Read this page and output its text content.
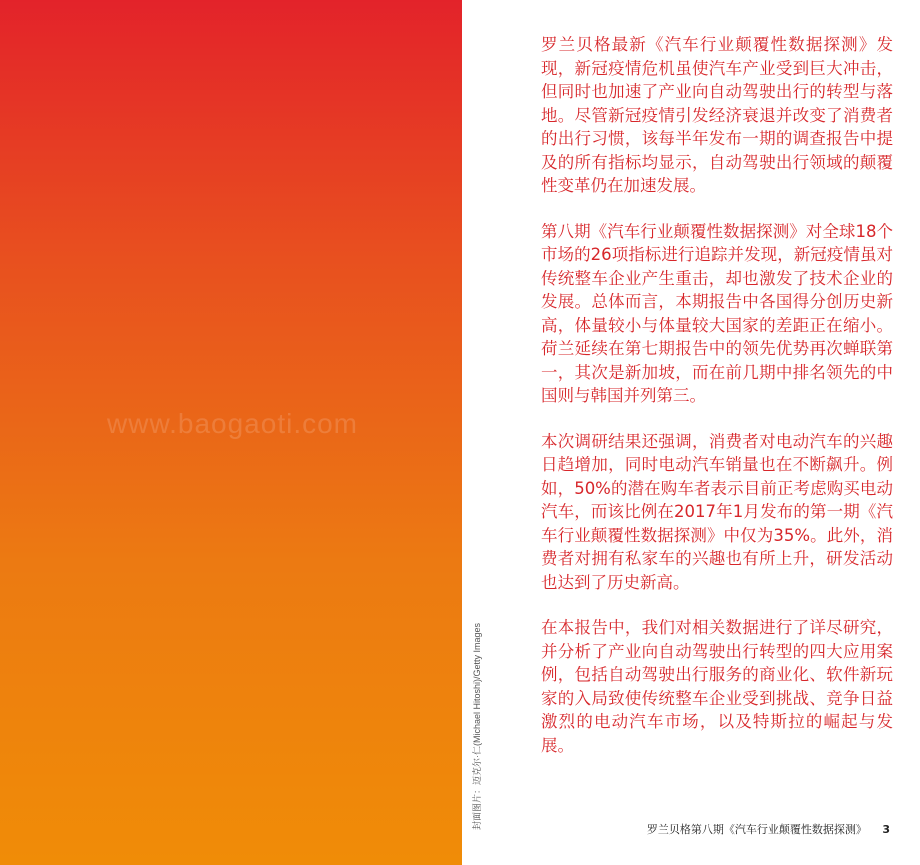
www.baogaoti.com
封面图片：迈克尔·仁(Michael Hitoshi)/Getty Images

罗兰贝格最新《汽车行业颠覆性数据探测》发现，新冠疫情危机虽使汽车产业受到巨大冲击，但同时也加速了产业向自动驾驶出行的转型与落地。尽管新冠疫情引发经济衰退并改变了消费者的出行习惯，该每半年发布一期的调查报告中提及的所有指标均显示，自动驾驶出行领域的颠覆性变革仍在加速发展。

第八期《汽车行业颠覆性数据探测》对全球18个市场的26项指标进行追踪并发现，新冠疫情虽对传统整车企业产生重击，却也激发了技术企业的发展。总体而言，本期报告中各国得分创历史新高，体量较小与体量较大国家的差距正在缩小。荷兰延续在第七期报告中的领先优势再次蝉联第一，其次是新加坡，而在前几期中排名领先的中国则与韩国并列第三。

本次调研结果还强调，消费者对电动汽车的兴趣日趋增加，同时电动汽车销量也在不断飙升。例如，50%的潜在购车者表示目前正考虑购买电动汽车，而该比例在2017年1月发布的第一期《汽车行业颠覆性数据探测》中仅为35%。此外，消费者对拥有私家车的兴趣也有所上升，研发活动也达到了历史新高。

在本报告中，我们对相关数据进行了详尽研究，并分析了产业向自动驾驶出行转型的四大应用案例，包括自动驾驶出行服务的商业化、软件新玩家的入局致使传统整车企业受到挑战、竞争日益激烈的电动汽车市场，以及特斯拉的崛起与发展。

罗兰贝格第八期《汽车行业颠覆性数据探测》 3
